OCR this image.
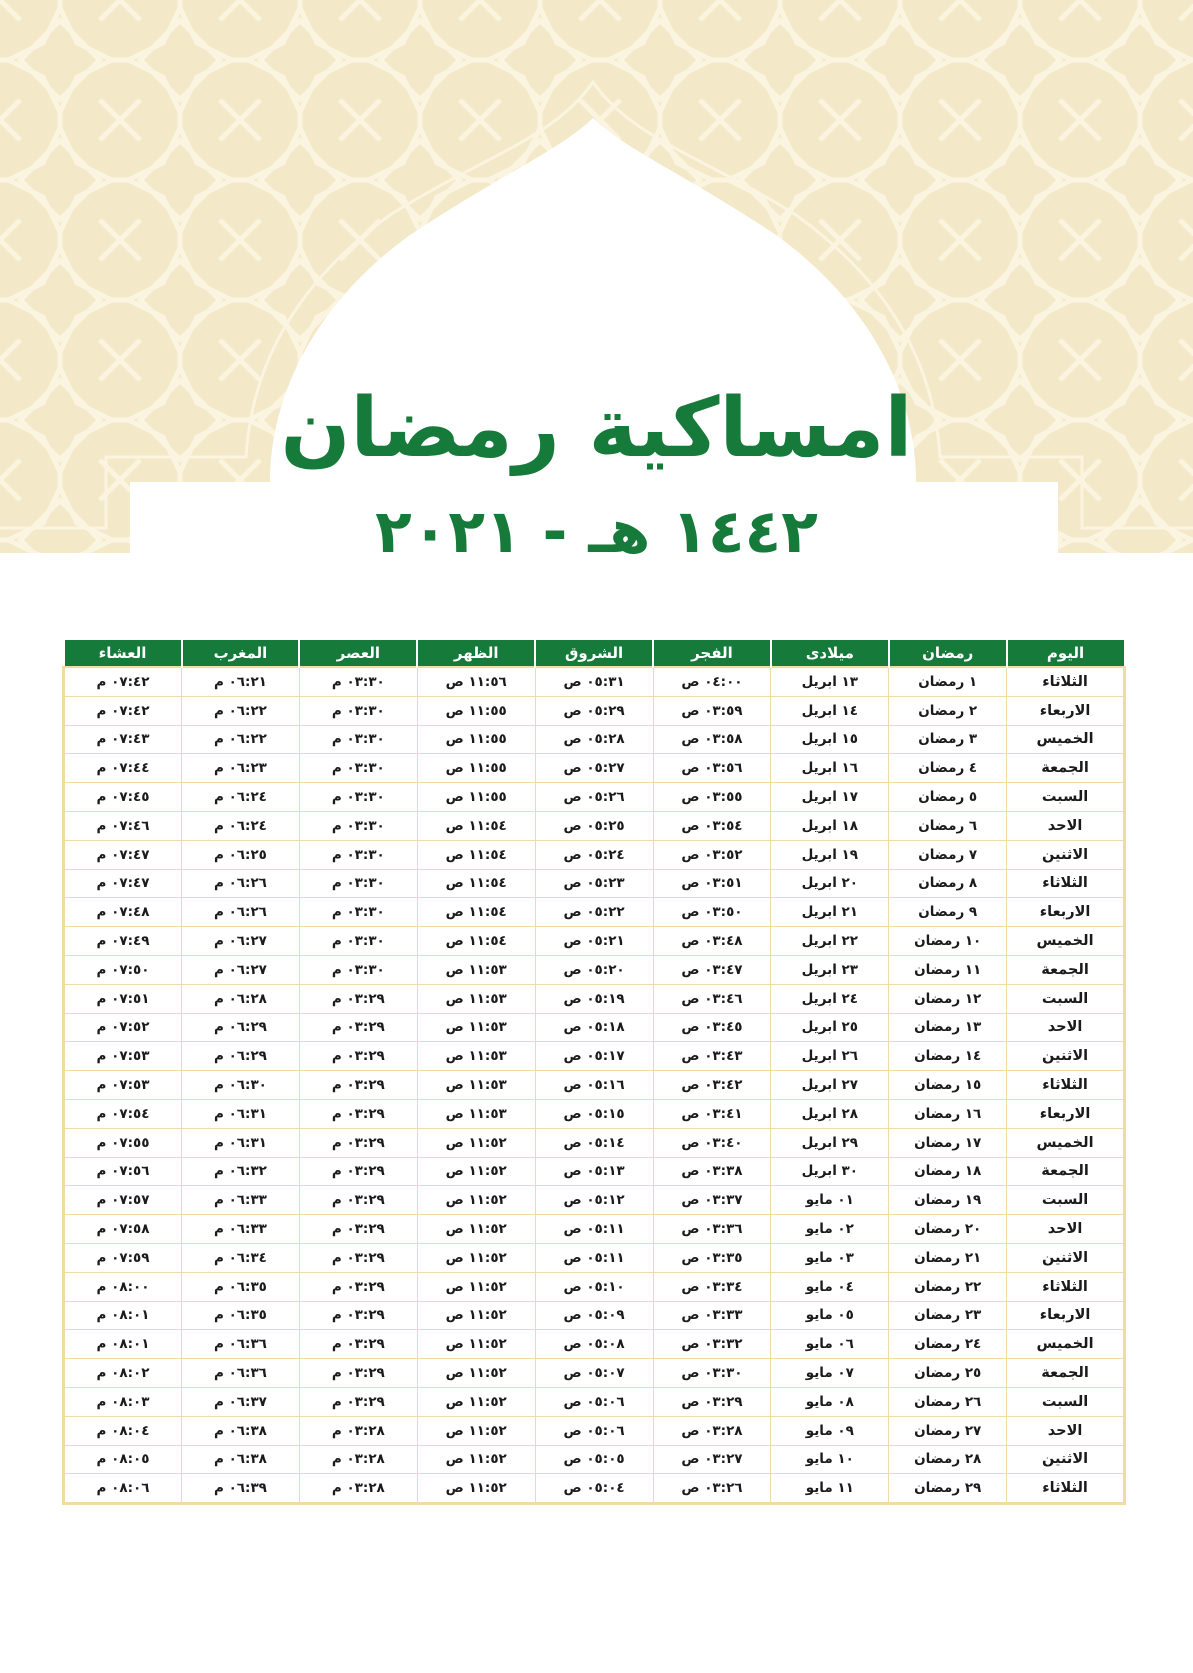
امساكية رمضان
١٤٤٢ هـ - ٢٠٢١
اليوم	رمضان	ميلادى	الفجر	الشروق	الظهر	العصر	المغرب	العشاء
الثلاثاء	١ رمضان	١٣ ابريل	٠٤:٠٠ ص	٠٥:٣١ ص	١١:٥٦ ص	٠٣:٣٠ م	٠٦:٢١ م	٠٧:٤٢ م
الاربعاء	٢ رمضان	١٤ ابريل	٠٣:٥٩ ص	٠٥:٢٩ ص	١١:٥٥ ص	٠٣:٣٠ م	٠٦:٢٢ م	٠٧:٤٢ م
الخميس	٣ رمضان	١٥ ابريل	٠٣:٥٨ ص	٠٥:٢٨ ص	١١:٥٥ ص	٠٣:٣٠ م	٠٦:٢٢ م	٠٧:٤٣ م
الجمعة	٤ رمضان	١٦ ابريل	٠٣:٥٦ ص	٠٥:٢٧ ص	١١:٥٥ ص	٠٣:٣٠ م	٠٦:٢٣ م	٠٧:٤٤ م
السبت	٥ رمضان	١٧ ابريل	٠٣:٥٥ ص	٠٥:٢٦ ص	١١:٥٥ ص	٠٣:٣٠ م	٠٦:٢٤ م	٠٧:٤٥ م
الاحد	٦ رمضان	١٨ ابريل	٠٣:٥٤ ص	٠٥:٢٥ ص	١١:٥٤ ص	٠٣:٣٠ م	٠٦:٢٤ م	٠٧:٤٦ م
الاثنين	٧ رمضان	١٩ ابريل	٠٣:٥٢ ص	٠٥:٢٤ ص	١١:٥٤ ص	٠٣:٣٠ م	٠٦:٢٥ م	٠٧:٤٧ م
الثلاثاء	٨ رمضان	٢٠ ابريل	٠٣:٥١ ص	٠٥:٢٣ ص	١١:٥٤ ص	٠٣:٣٠ م	٠٦:٢٦ م	٠٧:٤٧ م
الاربعاء	٩ رمضان	٢١ ابريل	٠٣:٥٠ ص	٠٥:٢٢ ص	١١:٥٤ ص	٠٣:٣٠ م	٠٦:٢٦ م	٠٧:٤٨ م
الخميس	١٠ رمضان	٢٢ ابريل	٠٣:٤٨ ص	٠٥:٢١ ص	١١:٥٤ ص	٠٣:٣٠ م	٠٦:٢٧ م	٠٧:٤٩ م
الجمعة	١١ رمضان	٢٣ ابريل	٠٣:٤٧ ص	٠٥:٢٠ ص	١١:٥٣ ص	٠٣:٣٠ م	٠٦:٢٧ م	٠٧:٥٠ م
السبت	١٢ رمضان	٢٤ ابريل	٠٣:٤٦ ص	٠٥:١٩ ص	١١:٥٣ ص	٠٣:٢٩ م	٠٦:٢٨ م	٠٧:٥١ م
الاحد	١٣ رمضان	٢٥ ابريل	٠٣:٤٥ ص	٠٥:١٨ ص	١١:٥٣ ص	٠٣:٢٩ م	٠٦:٢٩ م	٠٧:٥٢ م
الاثنين	١٤ رمضان	٢٦ ابريل	٠٣:٤٣ ص	٠٥:١٧ ص	١١:٥٣ ص	٠٣:٢٩ م	٠٦:٢٩ م	٠٧:٥٣ م
الثلاثاء	١٥ رمضان	٢٧ ابريل	٠٣:٤٢ ص	٠٥:١٦ ص	١١:٥٣ ص	٠٣:٢٩ م	٠٦:٣٠ م	٠٧:٥٣ م
الاربعاء	١٦ رمضان	٢٨ ابريل	٠٣:٤١ ص	٠٥:١٥ ص	١١:٥٣ ص	٠٣:٢٩ م	٠٦:٣١ م	٠٧:٥٤ م
الخميس	١٧ رمضان	٢٩ ابريل	٠٣:٤٠ ص	٠٥:١٤ ص	١١:٥٢ ص	٠٣:٢٩ م	٠٦:٣١ م	٠٧:٥٥ م
الجمعة	١٨ رمضان	٣٠ ابريل	٠٣:٣٨ ص	٠٥:١٣ ص	١١:٥٢ ص	٠٣:٢٩ م	٠٦:٣٢ م	٠٧:٥٦ م
السبت	١٩ رمضان	٠١ مايو	٠٣:٣٧ ص	٠٥:١٢ ص	١١:٥٢ ص	٠٣:٢٩ م	٠٦:٣٣ م	٠٧:٥٧ م
الاحد	٢٠ رمضان	٠٢ مايو	٠٣:٣٦ ص	٠٥:١١ ص	١١:٥٢ ص	٠٣:٢٩ م	٠٦:٣٣ م	٠٧:٥٨ م
الاثنين	٢١ رمضان	٠٣ مايو	٠٣:٣٥ ص	٠٥:١١ ص	١١:٥٢ ص	٠٣:٢٩ م	٠٦:٣٤ م	٠٧:٥٩ م
الثلاثاء	٢٢ رمضان	٠٤ مايو	٠٣:٣٤ ص	٠٥:١٠ ص	١١:٥٢ ص	٠٣:٢٩ م	٠٦:٣٥ م	٠٨:٠٠ م
الاربعاء	٢٣ رمضان	٠٥ مايو	٠٣:٣٣ ص	٠٥:٠٩ ص	١١:٥٢ ص	٠٣:٢٩ م	٠٦:٣٥ م	٠٨:٠١ م
الخميس	٢٤ رمضان	٠٦ مايو	٠٣:٣٢ ص	٠٥:٠٨ ص	١١:٥٢ ص	٠٣:٢٩ م	٠٦:٣٦ م	٠٨:٠١ م
الجمعة	٢٥ رمضان	٠٧ مايو	٠٣:٣٠ ص	٠٥:٠٧ ص	١١:٥٢ ص	٠٣:٢٩ م	٠٦:٣٦ م	٠٨:٠٢ م
السبت	٢٦ رمضان	٠٨ مايو	٠٣:٢٩ ص	٠٥:٠٦ ص	١١:٥٢ ص	٠٣:٢٩ م	٠٦:٣٧ م	٠٨:٠٣ م
الاحد	٢٧ رمضان	٠٩ مايو	٠٣:٢٨ ص	٠٥:٠٦ ص	١١:٥٢ ص	٠٣:٢٨ م	٠٦:٣٨ م	٠٨:٠٤ م
الاثنين	٢٨ رمضان	١٠ مايو	٠٣:٢٧ ص	٠٥:٠٥ ص	١١:٥٢ ص	٠٣:٢٨ م	٠٦:٣٨ م	٠٨:٠٥ م
الثلاثاء	٢٩ رمضان	١١ مايو	٠٣:٢٦ ص	٠٥:٠٤ ص	١١:٥٢ ص	٠٣:٢٨ م	٠٦:٣٩ م	٠٨:٠٦ م
